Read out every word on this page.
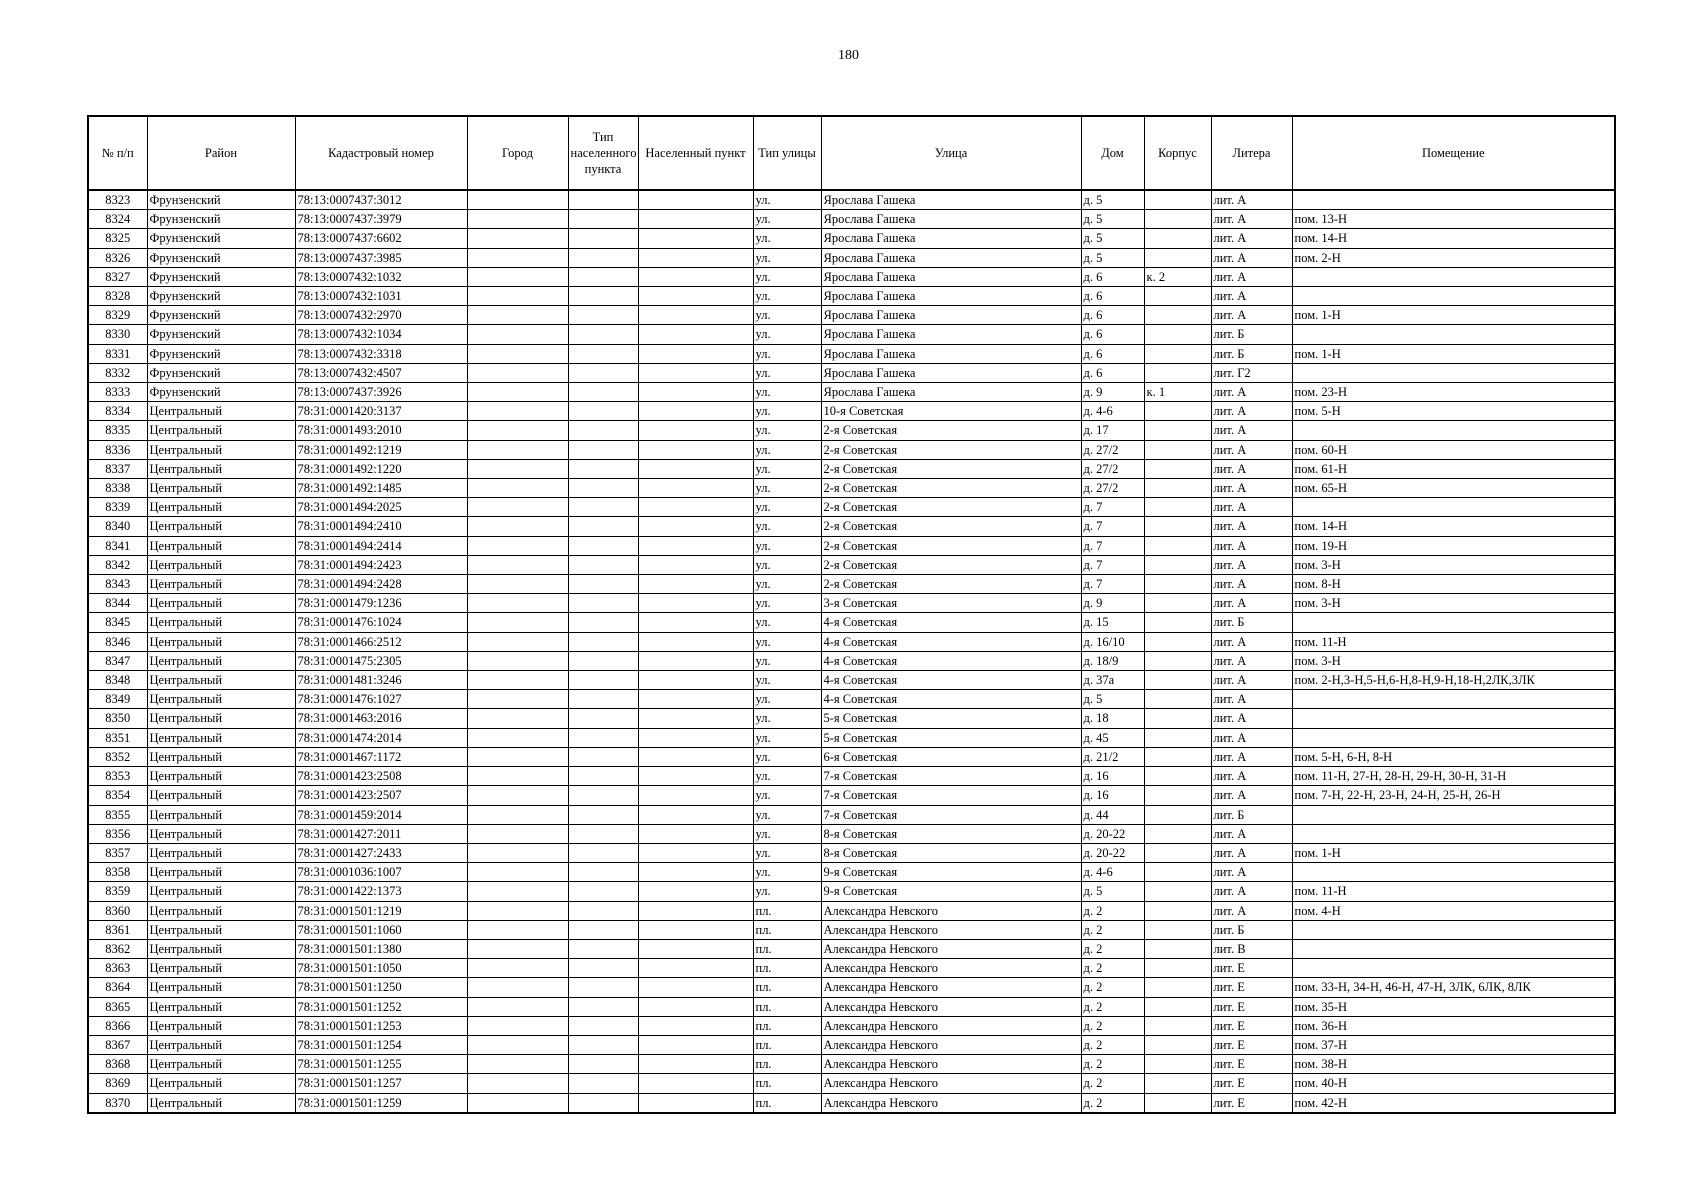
180
№ п/п	Район	Кадастровый номер	Город	Тип населенного пункта	Населенный пункт	Тип улицы	Улица	Дом	Корпус	Литера	Помещение
8323	Фрунзенский	78:13:0007437:3012				ул.	Ярослава Гашека	д. 5		лит. А	
8324	Фрунзенский	78:13:0007437:3979				ул.	Ярослава Гашека	д. 5		лит. А	пом. 13-Н
8325	Фрунзенский	78:13:0007437:6602				ул.	Ярослава Гашека	д. 5		лит. А	пом. 14-Н
8326	Фрунзенский	78:13:0007437:3985				ул.	Ярослава Гашека	д. 5		лит. А	пом. 2-Н
8327	Фрунзенский	78:13:0007432:1032				ул.	Ярослава Гашека	д. 6	к. 2	лит. А	
8328	Фрунзенский	78:13:0007432:1031				ул.	Ярослава Гашека	д. 6		лит. А	
8329	Фрунзенский	78:13:0007432:2970				ул.	Ярослава Гашека	д. 6		лит. А	пом. 1-Н
8330	Фрунзенский	78:13:0007432:1034				ул.	Ярослава Гашека	д. 6		лит. Б	
8331	Фрунзенский	78:13:0007432:3318				ул.	Ярослава Гашека	д. 6		лит. Б	пом. 1-Н
8332	Фрунзенский	78:13:0007432:4507				ул.	Ярослава Гашека	д. 6		лит. Г2	
8333	Фрунзенский	78:13:0007437:3926				ул.	Ярослава Гашека	д. 9	к. 1	лит. А	пом. 23-Н
8334	Центральный	78:31:0001420:3137				ул.	10-я Советская	д. 4-6		лит. А	пом. 5-Н
8335	Центральный	78:31:0001493:2010				ул.	2-я Советская	д. 17		лит. А	
8336	Центральный	78:31:0001492:1219				ул.	2-я Советская	д. 27/2		лит. А	пом. 60-Н
8337	Центральный	78:31:0001492:1220				ул.	2-я Советская	д. 27/2		лит. А	пом. 61-Н
8338	Центральный	78:31:0001492:1485				ул.	2-я Советская	д. 27/2		лит. А	пом. 65-Н
8339	Центральный	78:31:0001494:2025				ул.	2-я Советская	д. 7		лит. А	
8340	Центральный	78:31:0001494:2410				ул.	2-я Советская	д. 7		лит. А	пом. 14-Н
8341	Центральный	78:31:0001494:2414				ул.	2-я Советская	д. 7		лит. А	пом. 19-Н
8342	Центральный	78:31:0001494:2423				ул.	2-я Советская	д. 7		лит. А	пом. 3-Н
8343	Центральный	78:31:0001494:2428				ул.	2-я Советская	д. 7		лит. А	пом. 8-Н
8344	Центральный	78:31:0001479:1236				ул.	3-я Советская	д. 9		лит. А	пом. 3-Н
8345	Центральный	78:31:0001476:1024				ул.	4-я Советская	д. 15		лит. Б	
8346	Центральный	78:31:0001466:2512				ул.	4-я Советская	д. 16/10		лит. А	пом. 11-Н
8347	Центральный	78:31:0001475:2305				ул.	4-я Советская	д. 18/9		лит. А	пом. 3-Н
8348	Центральный	78:31:0001481:3246				ул.	4-я Советская	д. 37а		лит. А	пом. 2-Н,3-Н,5-Н,6-Н,8-Н,9-Н,18-Н,2ЛК,3ЛК
8349	Центральный	78:31:0001476:1027				ул.	4-я Советская	д. 5		лит. А	
8350	Центральный	78:31:0001463:2016				ул.	5-я Советская	д. 18		лит. А	
8351	Центральный	78:31:0001474:2014				ул.	5-я Советская	д. 45		лит. А	
8352	Центральный	78:31:0001467:1172				ул.	6-я Советская	д. 21/2		лит. А	пом. 5-Н, 6-Н, 8-Н
8353	Центральный	78:31:0001423:2508				ул.	7-я Советская	д. 16		лит. А	пом. 11-Н, 27-Н, 28-Н, 29-Н, 30-Н, 31-Н
8354	Центральный	78:31:0001423:2507				ул.	7-я Советская	д. 16		лит. А	пом. 7-Н, 22-Н, 23-Н, 24-Н, 25-Н, 26-Н
8355	Центральный	78:31:0001459:2014				ул.	7-я Советская	д. 44		лит. Б	
8356	Центральный	78:31:0001427:2011				ул.	8-я Советская	д. 20-22		лит. А	
8357	Центральный	78:31:0001427:2433				ул.	8-я Советская	д. 20-22		лит. А	пом. 1-Н
8358	Центральный	78:31:0001036:1007				ул.	9-я Советская	д. 4-6		лит. А	
8359	Центральный	78:31:0001422:1373				ул.	9-я Советская	д. 5		лит. А	пом. 11-Н
8360	Центральный	78:31:0001501:1219				пл.	Александра Невского	д. 2		лит. А	пом. 4-Н
8361	Центральный	78:31:0001501:1060				пл.	Александра Невского	д. 2		лит. Б	
8362	Центральный	78:31:0001501:1380				пл.	Александра Невского	д. 2		лит. В	
8363	Центральный	78:31:0001501:1050				пл.	Александра Невского	д. 2		лит. Е	
8364	Центральный	78:31:0001501:1250				пл.	Александра Невского	д. 2		лит. Е	пом. 33-Н, 34-Н, 46-Н, 47-Н, 3ЛК, 6ЛК, 8ЛК
8365	Центральный	78:31:0001501:1252				пл.	Александра Невского	д. 2		лит. Е	пом. 35-Н
8366	Центральный	78:31:0001501:1253				пл.	Александра Невского	д. 2		лит. Е	пом. 36-Н
8367	Центральный	78:31:0001501:1254				пл.	Александра Невского	д. 2		лит. Е	пом. 37-Н
8368	Центральный	78:31:0001501:1255				пл.	Александра Невского	д. 2		лит. Е	пом. 38-Н
8369	Центральный	78:31:0001501:1257				пл.	Александра Невского	д. 2		лит. Е	пом. 40-Н
8370	Центральный	78:31:0001501:1259				пл.	Александра Невского	д. 2		лит. Е	пом. 42-Н
